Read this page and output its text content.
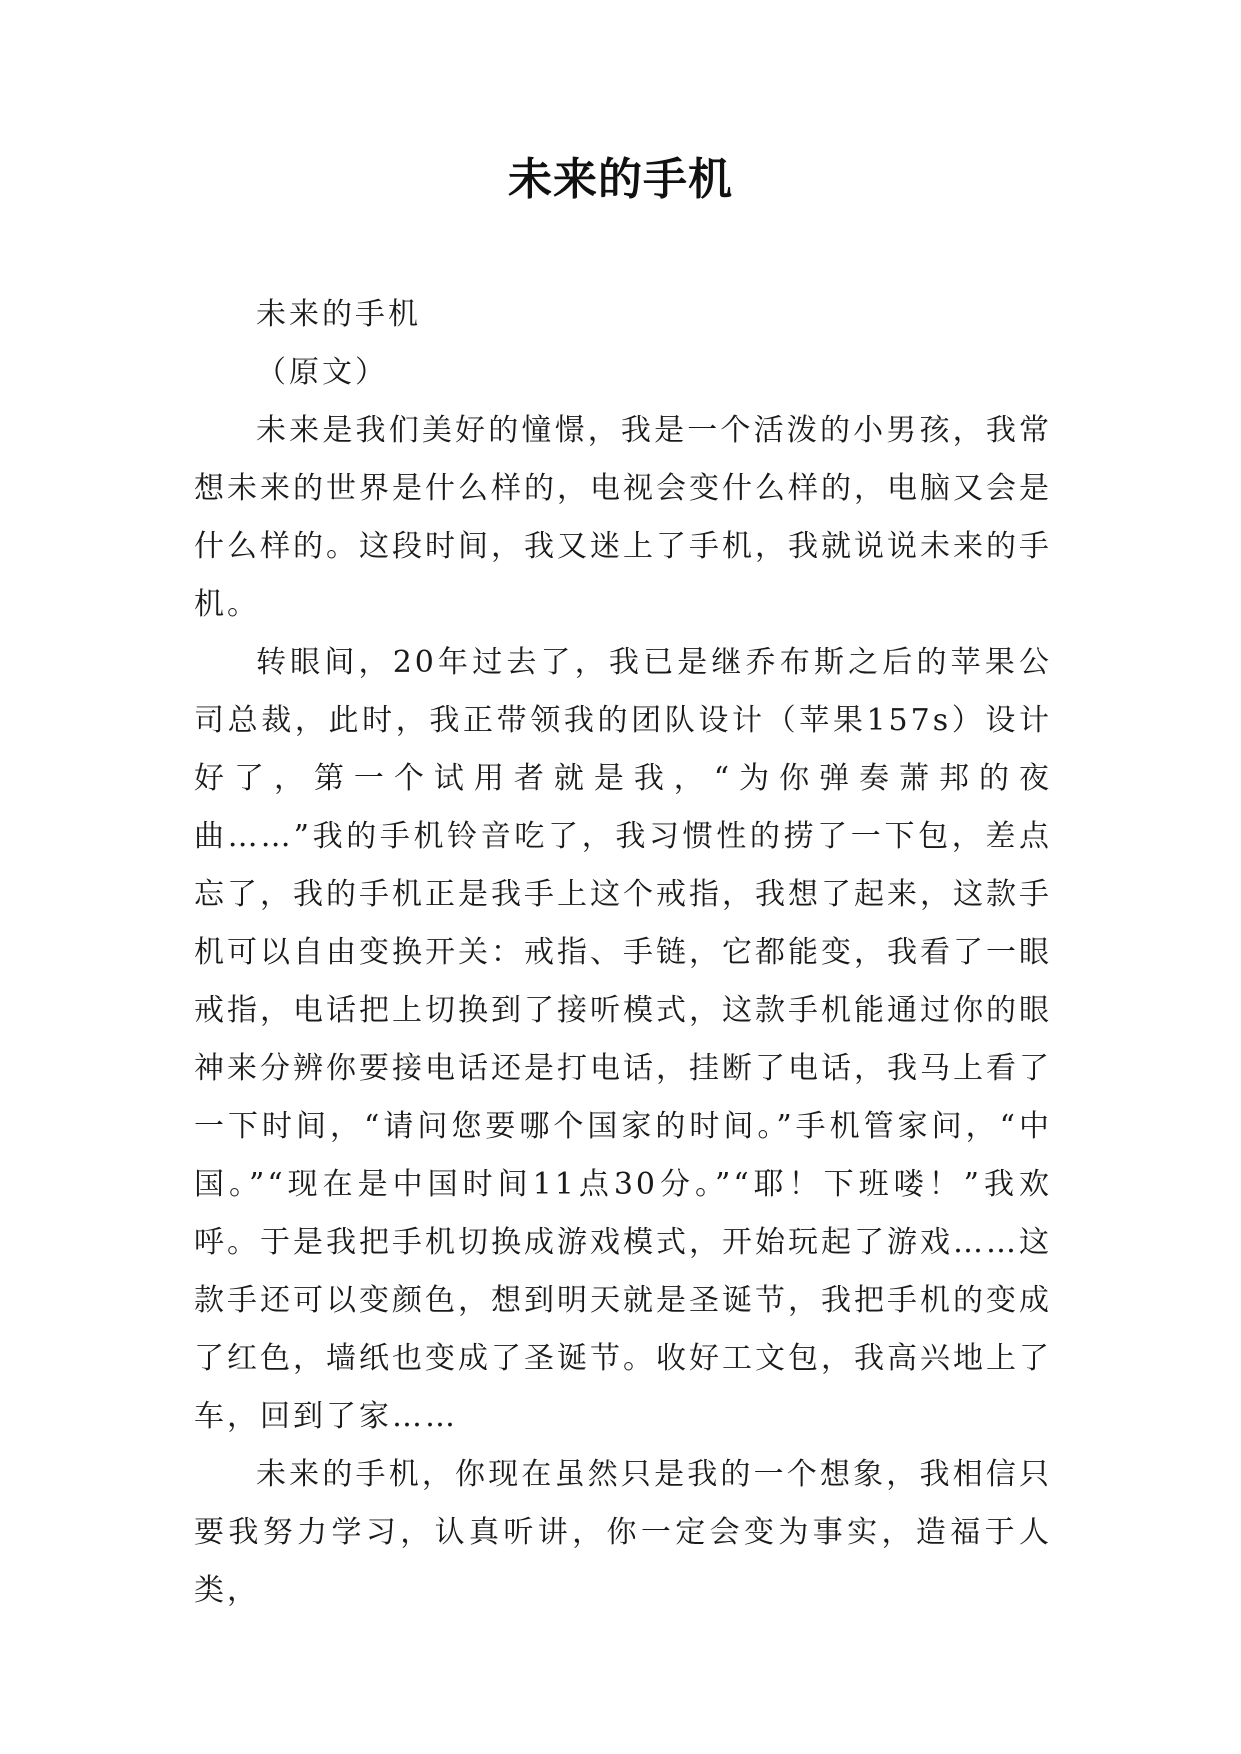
未来的手机

未来的手机

（原文）

未来是我们美好的憧憬，我是一个活泼的小男孩，我常想未来的世界是什么样的，电视会变什么样的，电脑又会是什么样的。这段时间，我又迷上了手机，我就说说未来的手机。

转眼间，20年过去了，我已是继乔布斯之后的苹果公司总裁，此时，我正带领我的团队设计（苹果157s）设计好了，第一个试用者就是我，“为你弹奏萧邦的夜曲……”我的手机铃音吃了，我习惯性的捞了一下包，差点忘了，我的手机正是我手上这个戒指，我想了起来，这款手机可以自由变换开关：戒指、手链，它都能变，我看了一眼戒指，电话把上切换到了接听模式，这款手机能通过你的眼神来分辨你要接电话还是打电话，挂断了电话，我马上看了一下时间，“请问您要哪个国家的时间。”手机管家问，“中国。”“现在是中国时间11点30分。”“耶！下班喽！”我欢呼。于是我把手机切换成游戏模式，开始玩起了游戏……这款手还可以变颜色，想到明天就是圣诞节，我把手机的变成了红色，墙纸也变成了圣诞节。收好工文包，我高兴地上了车，回到了家……

未来的手机，你现在虽然只是我的一个想象，我相信只要我努力学习，认真听讲，你一定会变为事实，造福于人类，
